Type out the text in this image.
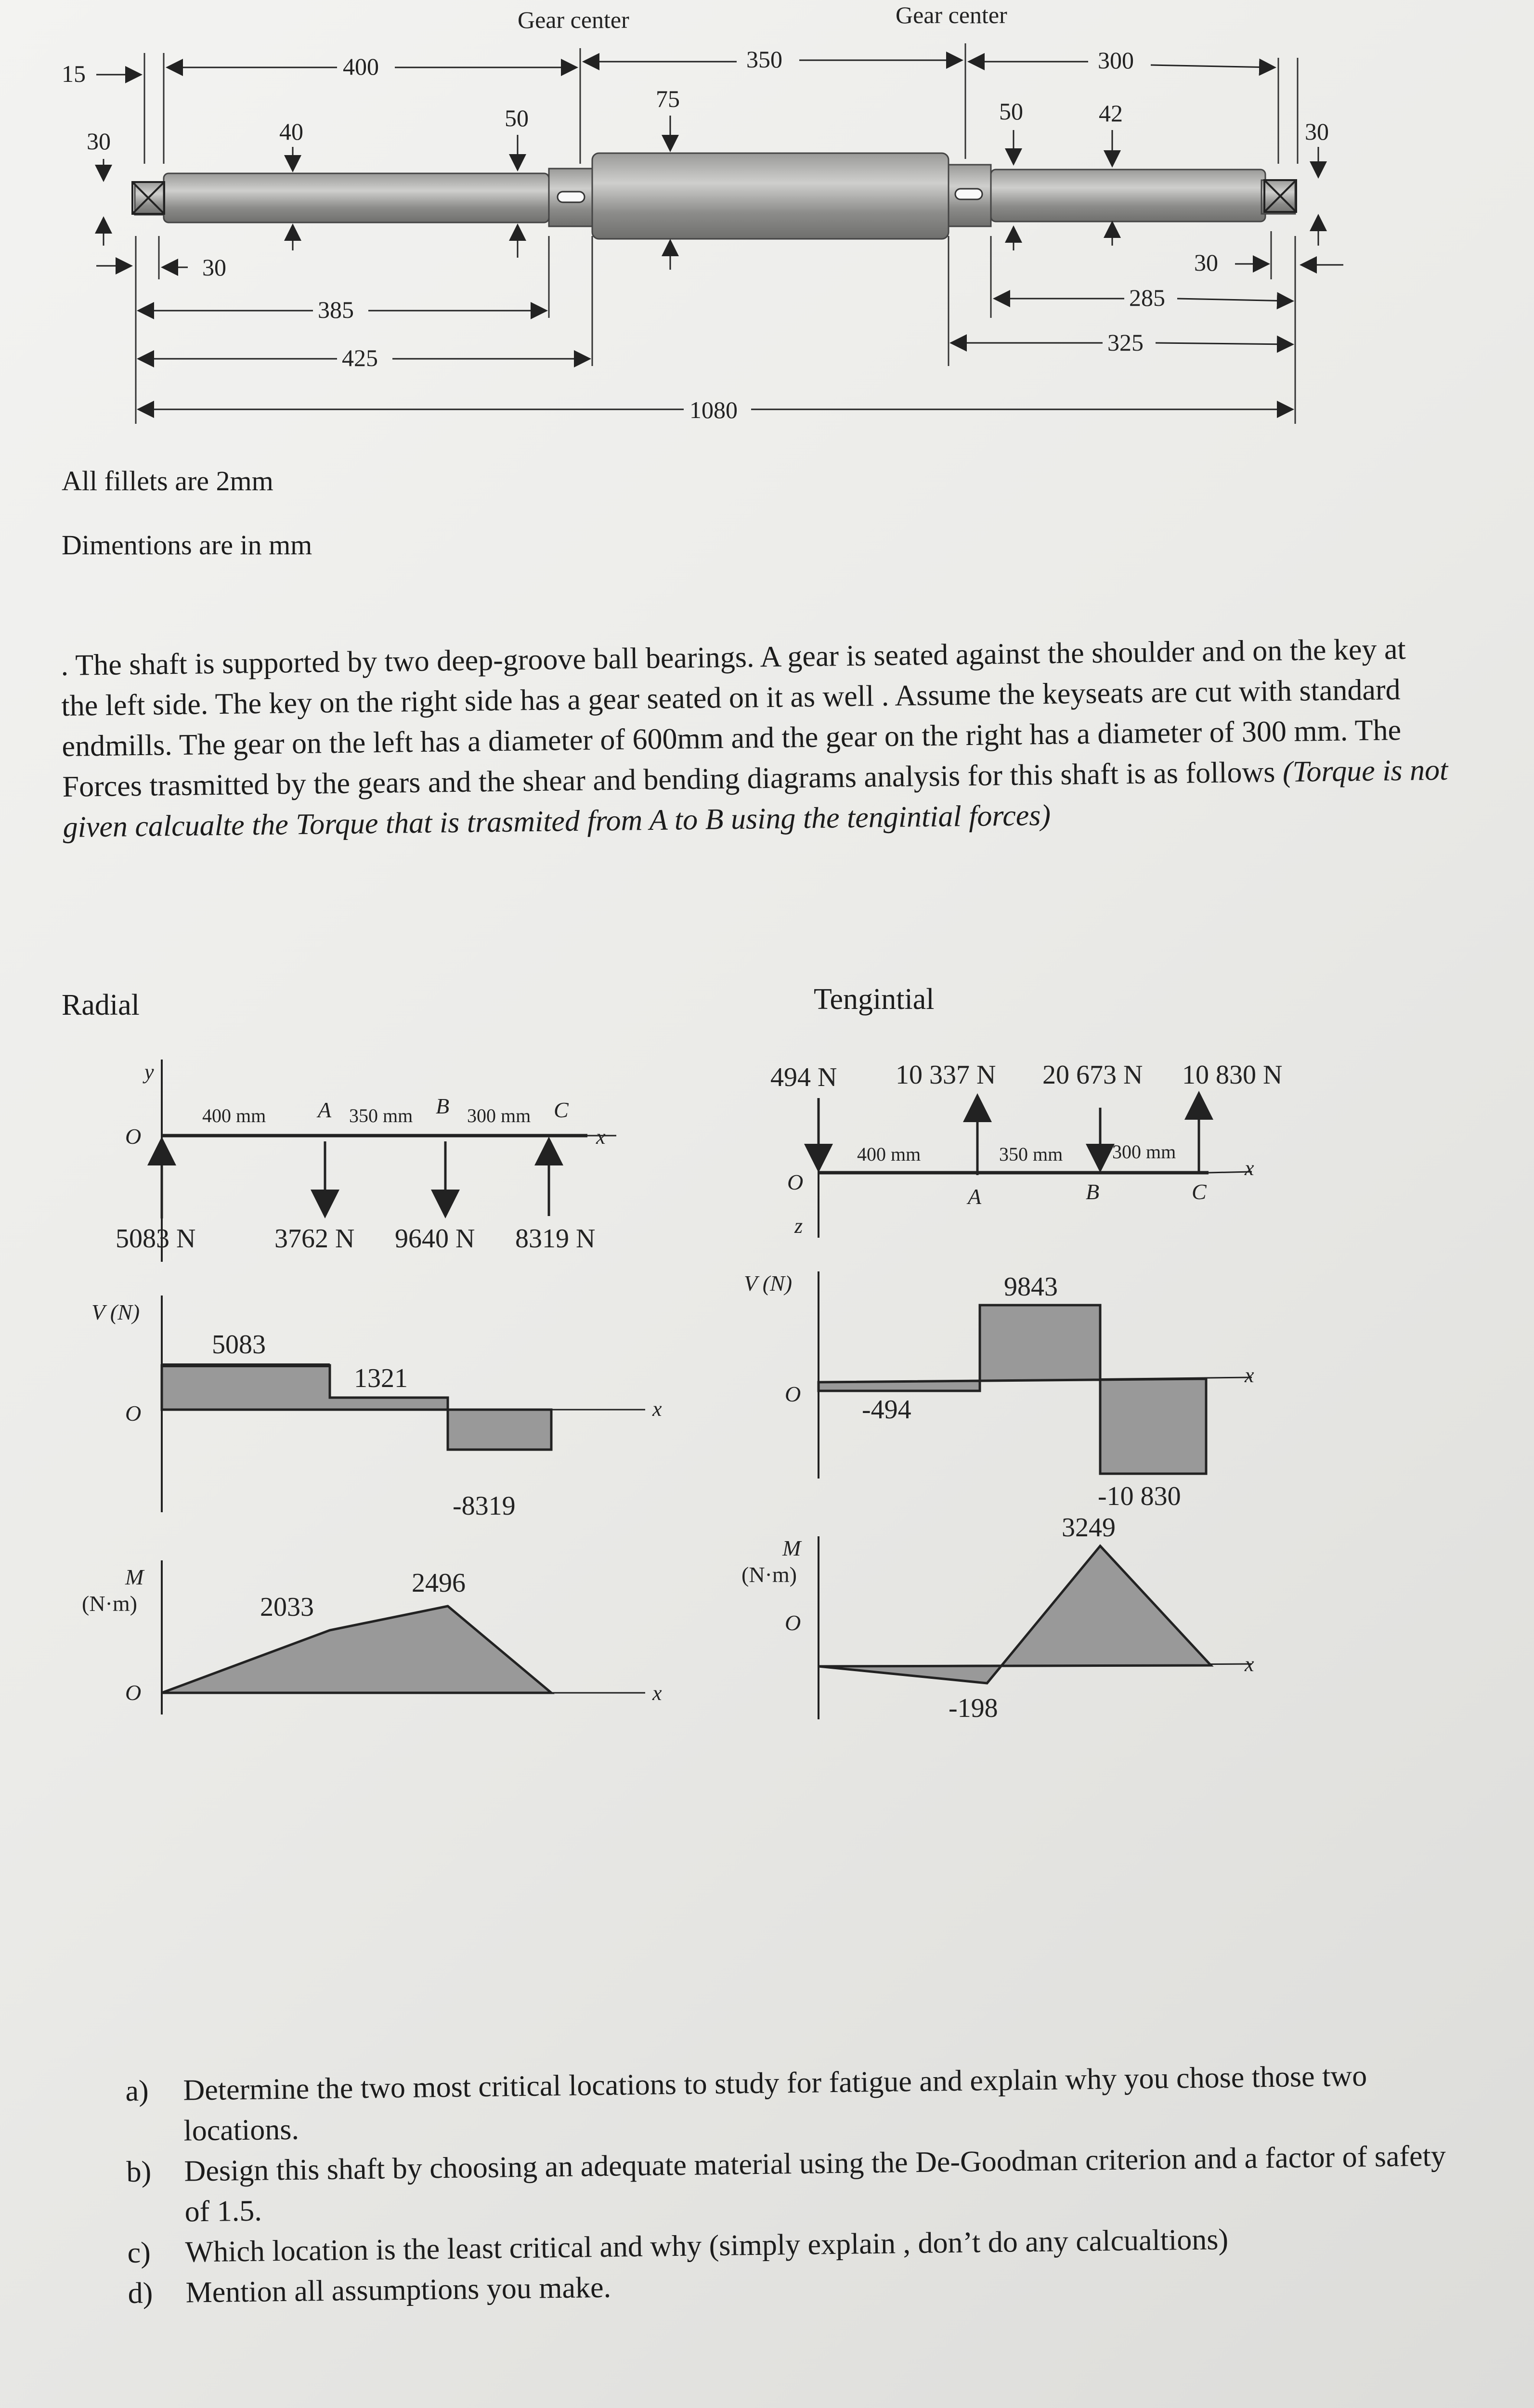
15	400
Gear center
350
Gear center
300
30	40	50
75	50	42
30
30
385
425
30
285
325
1080
All fillets are 2mm
Dimentions are in mm
. The shaft is supported by two deep-groove ball bearings. A gear is seated against the shoulder and on the key at the left side. The key on the right side has a gear seated on it as well . Assume the keyseats are cut with standard endmills. The gear on the left has a diameter of 600mm and the gear on the right has a diameter of 300 mm. The Forces trasmitted by the gears and the shear and bending diagrams analysis for this shaft is as follows (Torque is not given calcualte the Torque that is trasmited from A to B using the tengintial forces)
Radial	Tengintial
y
O	x
400 mm A 350 mm B 300 mm C
5083 N	3762 N 9640 N 8319 N
V (N)
O	x
5083
1321
-8319
M
(N·m)
O	x
2033
2496
494 N 10 337 N 20 673 N 10 830 N
x
O
z
400 mm	350 mm	300 mm
A	B	C
V (N)
O
x
-494
9843
-10 830
M
(N·m)
O
x
-198
3249
a)	Determine the two most critical locations to study for fatigue and explain why you chose those two locations.
b)	Design this shaft by choosing an adequate material using the De-Goodman criterion and a factor of safety of 1.5.
c)	Which location is the least critical and why (simply explain , don’t do any calcualtions)
d)	Mention all assumptions you make.
